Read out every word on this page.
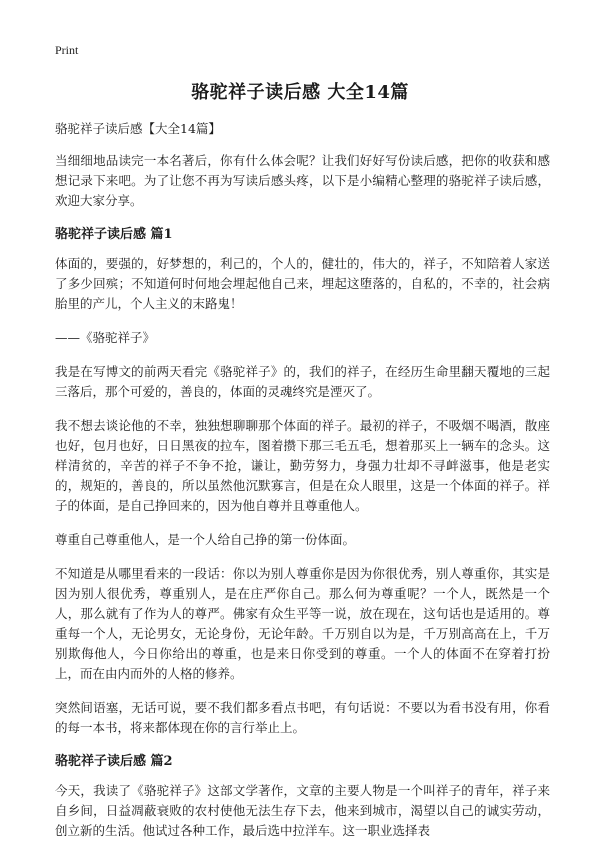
Print
骆驼祥子读后感 大全14篇

骆驼祥子读后感【大全14篇】

当细细地品读完一本名著后，你有什么体会呢？让我们好好写份读后感，把你的收获和感想记录下来吧。为了让您不再为写读后感头疼，以下是小编精心整理的骆驼祥子读后感，欢迎大家分享。

骆驼祥子读后感 篇1

体面的，要强的，好梦想的，利己的，个人的，健壮的，伟大的，祥子，不知陪着人家送了多少回殡；不知道何时何地会埋起他自己来，埋起这堕落的，自私的，不幸的，社会病胎里的产儿，个人主义的末路鬼！

——《骆驼祥子》

我是在写博文的前两天看完《骆驼祥子》的，我们的祥子，在经历生命里翻天覆地的三起三落后，那个可爱的，善良的，体面的灵魂终究是湮灭了。

我不想去谈论他的不幸，独独想聊聊那个体面的祥子。最初的祥子，不吸烟不喝酒，散座也好，包月也好，日日黑夜的拉车，图着攒下那三毛五毛，想着那买上一辆车的念头。这样清贫的，辛苦的祥子不争不抢，谦让，勤劳努力，身强力壮却不寻衅滋事，他是老实的，规矩的，善良的，所以虽然他沉默寡言，但是在众人眼里，这是一个体面的祥子。祥子的体面，是自己挣回来的，因为他自尊并且尊重他人。

尊重自己尊重他人，是一个人给自己挣的第一份体面。

不知道是从哪里看来的一段话：你以为别人尊重你是因为你很优秀，别人尊重你，其实是因为别人很优秀，尊重别人，是在庄严你自己。那么何为尊重呢？一个人，既然是一个人，那么就有了作为人的尊严。佛家有众生平等一说，放在现在，这句话也是适用的。尊重每一个人，无论男女，无论身份，无论年龄。千万别自以为是，千万别高高在上，千万别欺侮他人，今日你给出的尊重，也是来日你受到的尊重。一个人的体面不在穿着打扮上，而在由内而外的人格的修养。

突然间语塞，无话可说，要不我们都多看点书吧，有句话说：不要以为看书没有用，你看的每一本书，将来都体现在你的言行举止上。

骆驼祥子读后感 篇2

今天，我读了《骆驼祥子》这部文学著作，文章的主要人物是一个叫祥子的青年，祥子来自乡间，日益凋蔽衰败的农村使他无法生存下去，他来到城市，渴望以自己的诚实劳动，创立新的生活。他试过各种工作，最后选中拉洋车。这一职业选择表
